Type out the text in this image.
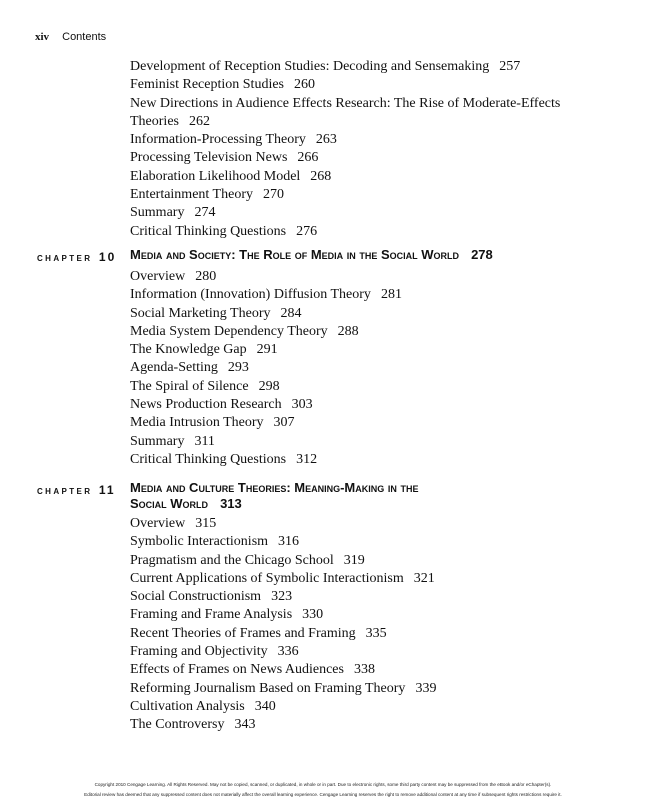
xiv Contents
Development of Reception Studies: Decoding and Sensemaking 257
Feminist Reception Studies 260
New Directions in Audience Effects Research: The Rise of Moderate-Effects Theories 262
Information-Processing Theory 263
Processing Television News 266
Elaboration Likelihood Model 268
Entertainment Theory 270
Summary 274
Critical Thinking Questions 276
CHAPTER 10 Media and Society: The Role of Media in the Social World 278
Overview 280
Information (Innovation) Diffusion Theory 281
Social Marketing Theory 284
Media System Dependency Theory 288
The Knowledge Gap 291
Agenda-Setting 293
The Spiral of Silence 298
News Production Research 303
Media Intrusion Theory 307
Summary 311
Critical Thinking Questions 312
CHAPTER 11 Media and Culture Theories: Meaning-Making in the
Social World 313
Overview 315
Symbolic Interactionism 316
Pragmatism and the Chicago School 319
Current Applications of Symbolic Interactionism 321
Social Constructionism 323
Framing and Frame Analysis 330
Recent Theories of Frames and Framing 335
Framing and Objectivity 336
Effects of Frames on News Audiences 338
Reforming Journalism Based on Framing Theory 339
Cultivation Analysis 340
The Controversy 343
Copyright 2010 Cengage Learning. All Rights Reserved. May not be copied, scanned, or duplicated, in whole or in part. Due to electronic rights, some third party content may be suppressed from the eBook and/or eChapter(s).
Editorial review has deemed that any suppressed content does not materially affect the overall learning experience. Cengage Learning reserves the right to remove additional content at any time if subsequent rights restrictions require it.
